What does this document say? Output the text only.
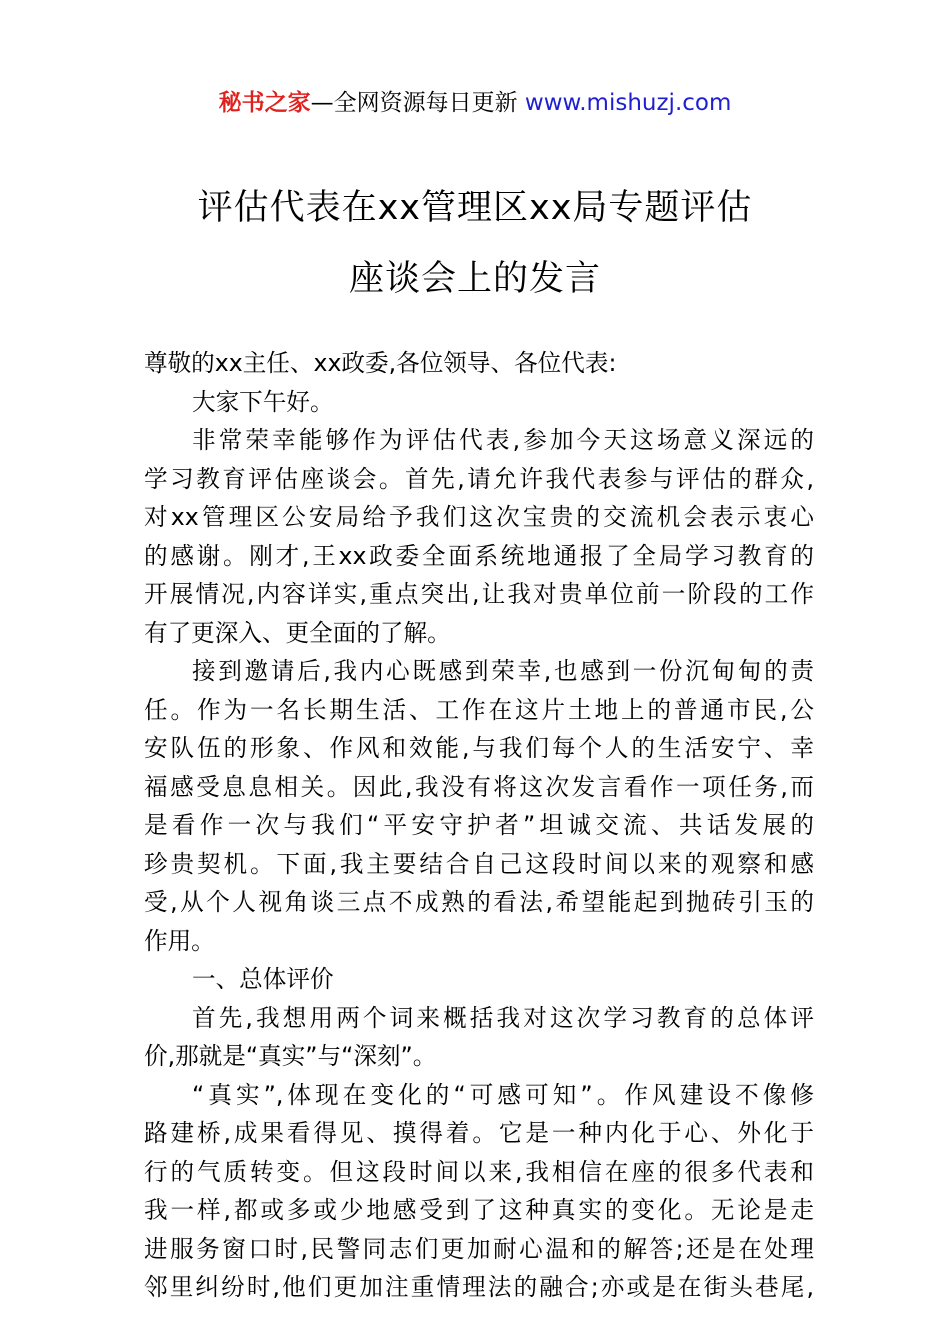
秘书之家—全网资源每日更新 www.mishuzj.com
评估代表在xx管理区xx局专题评估
座谈会上的发言
尊敬的xx主任、xx政委,各位领导、各位代表:
大家下午好。
非常荣幸能够作为评估代表,参加今天这场意义深远的
学习教育评估座谈会。首先,请允许我代表参与评估的群众,
对xx管理区公安局给予我们这次宝贵的交流机会表示衷心
的感谢。刚才,王xx政委全面系统地通报了全局学习教育的
开展情况,内容详实,重点突出,让我对贵单位前一阶段的工作
有了更深入、更全面的了解。
接到邀请后,我内心既感到荣幸,也感到一份沉甸甸的责
任。作为一名长期生活、工作在这片土地上的普通市民,公
安队伍的形象、作风和效能,与我们每个人的生活安宁、幸
福感受息息相关。因此,我没有将这次发言看作一项任务,而
是看作一次与我们“平安守护者”坦诚交流、共话发展的
珍贵契机。下面,我主要结合自己这段时间以来的观察和感
受,从个人视角谈三点不成熟的看法,希望能起到抛砖引玉的
作用。
一、总体评价
首先,我想用两个词来概括我对这次学习教育的总体评
价,那就是“真实”与“深刻”。
“真实”,体现在变化的“可感可知”。作风建设不像修
路建桥,成果看得见、摸得着。它是一种内化于心、外化于
行的气质转变。但这段时间以来,我相信在座的很多代表和
我一样,都或多或少地感受到了这种真实的变化。无论是走
进服务窗口时,民警同志们更加耐心温和的解答;还是在处理
邻里纠纷时,他们更加注重情理法的融合;亦或是在街头巷尾,
